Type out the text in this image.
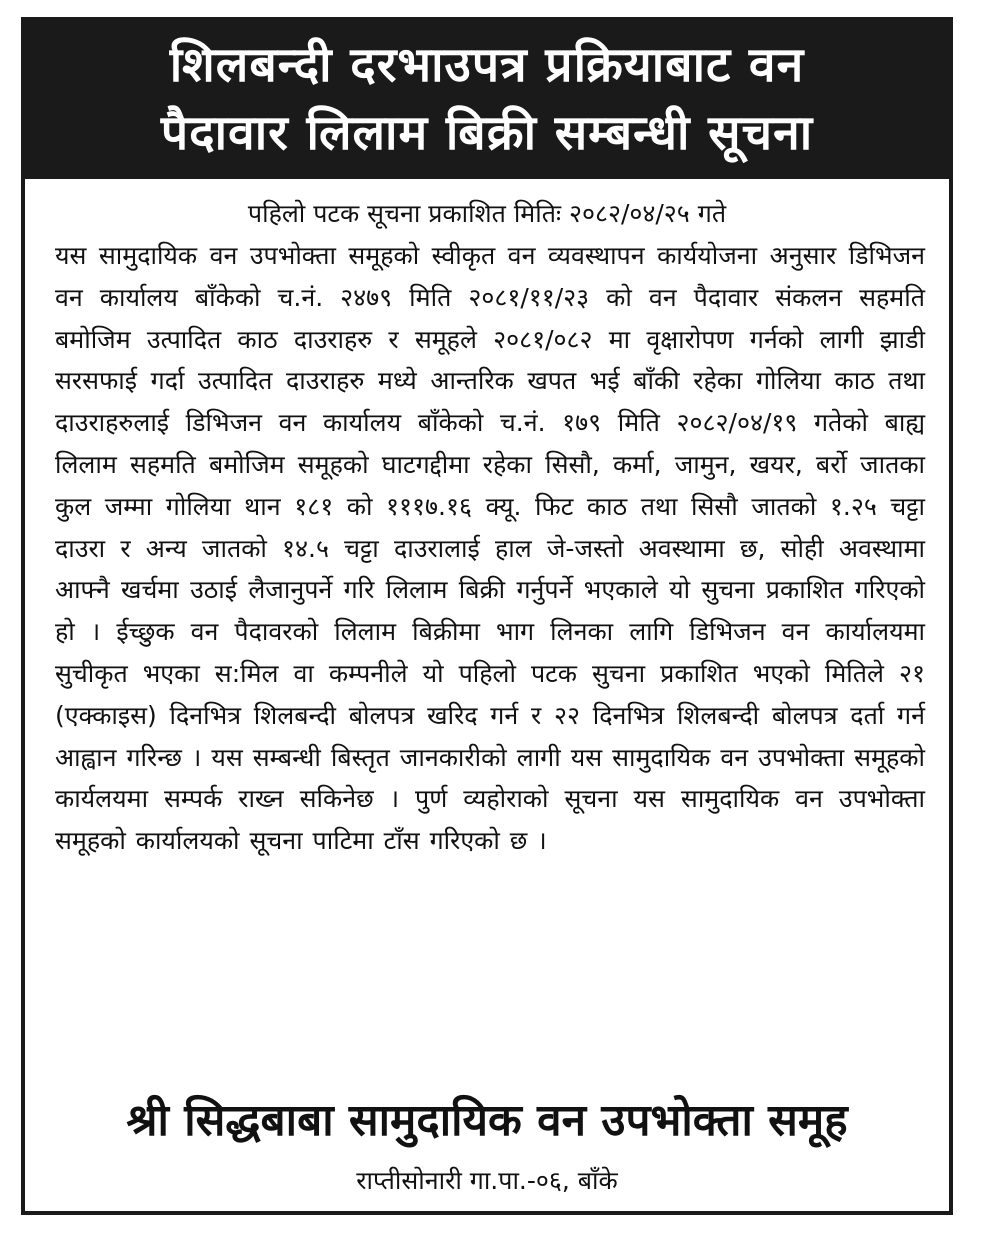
शिलबन्दी दरभाउपत्र प्रक्रियाबाट वन
पैदावार लिलाम बिक्री सम्बन्धी सूचना
पहिलो पटक सूचना प्रकाशित मितिः २०८२/०४/२५ गते

यस सामुदायिक वन उपभोक्ता समूहको स्वीकृत वन व्यवस्थापन कार्ययोजना अनुसार डिभिजन वन कार्यालय बाँकेको च.नं. २४७९ मिति २०८१/११/२३ को वन पैदावार संकलन सहमति बमोजिम उत्पादित काठ दाउराहरु र समूहले २०८१/०८२ मा वृक्षारोपण गर्नको लागी झाडी सरसफाई गर्दा उत्पादित दाउराहरु मध्ये आन्तरिक खपत भई बाँकी रहेका गोलिया काठ तथा दाउराहरुलाई डिभिजन वन कार्यालय बाँकेको च.नं. १७९ मिति २०८२/०४/१९ गतेको बाह्य लिलाम सहमति बमोजिम समूहको घाटगद्दीमा रहेका सिसौ, कर्मा, जामुन, खयर, बर्रो जातका कुल जम्मा गोलिया थान १८१ को १११७.१६ क्यू. फिट काठ तथा सिसौ जातको १.२५ चट्टा दाउरा र अन्य जातको १४.५ चट्टा दाउरालाई हाल जे-जस्तो अवस्थामा छ, सोही अवस्थामा आफ्नै खर्चमा उठाई लैजानुपर्ने गरि लिलाम बिक्री गर्नुपर्ने भएकाले यो सुचना प्रकाशित गरिएको हो । ईच्छुक वन पैदावरको लिलाम बिक्रीमा भाग लिनका लागि डिभिजन वन कार्यालयमा सुचीकृत भएका स:मिल वा कम्पनीले यो पहिलो पटक सुचना प्रकाशित भएको मितिले २१ (एक्काइस) दिनभित्र शिलबन्दी बोलपत्र खरिद गर्न र २२ दिनभित्र शिलबन्दी बोलपत्र दर्ता गर्न आह्वान गरिन्छ । यस सम्बन्धी बिस्तृत जानकारीको लागी यस सामुदायिक वन उपभोक्ता समूहको कार्यलयमा सम्पर्क राख्न सकिनेछ । पुर्ण व्यहोराको सूचना यस सामुदायिक वन उपभोक्ता समूहको कार्यालयको सूचना पाटिमा टाँस गरिएको छ ।

श्री सिद्धबाबा सामुदायिक वन उपभोक्ता समूह
राप्तीसोनारी गा.पा.-०६, बाँके
